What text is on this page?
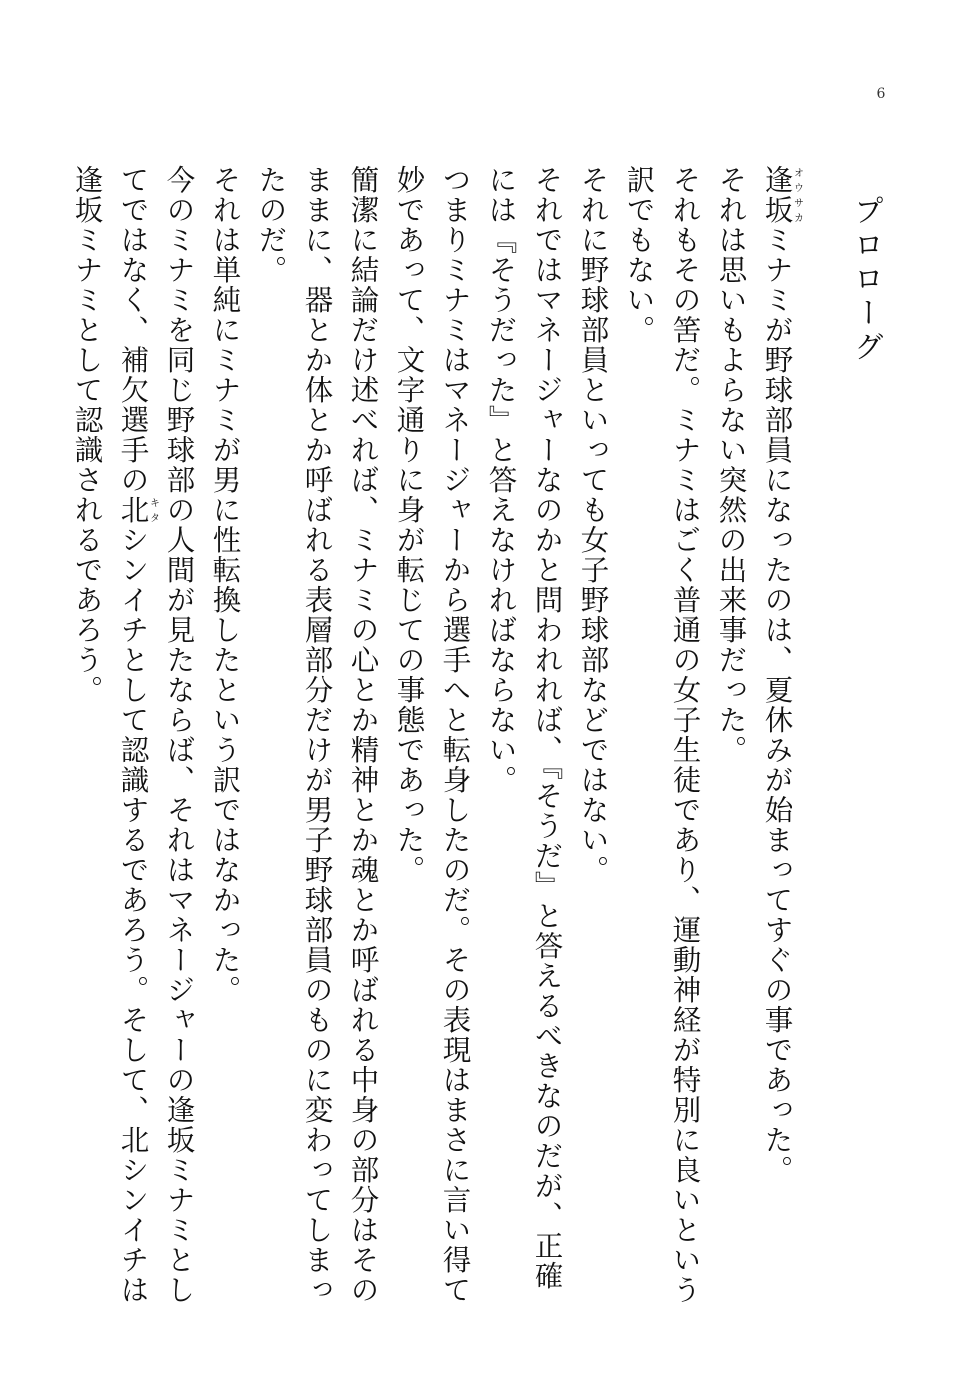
6
プロローグ

逢坂オウサカミナミが野球部員になったのは、夏休みが始まってすぐの事であった。

それは思いもよらない突然の出来事だった。

それもその筈だ。ミナミはごく普通の女子生徒であり、運動神経が特別に良いという訳でもない。

それに野球部員といっても女子野球部などではない。

それではマネージャーなのかと問われれば、『そうだ』と答えるべきなのだが、正確には『そうだった』と答えなければならない。

つまりミナミはマネージャーから選手へと転身したのだ。その表現はまさに言い得て妙であって、文字通りに身が転じての事態であった。

簡潔に結論だけ述べれば、ミナミの心とか精神とか魂とか呼ばれる中身の部分はそのままに、器とか体とか呼ばれる表層部分だけが男子野球部員のものに変わってしまったのだ。

それは単純にミナミが男に性転換したという訳ではなかった。

今のミナミを同じ野球部の人間が見たならば、それはマネージャーの逢坂ミナミとしてではなく、補欠選手の北キタシンイチとして認識するであろう。そして、北シンイチは逢坂ミナミとして認識されるであろう。
